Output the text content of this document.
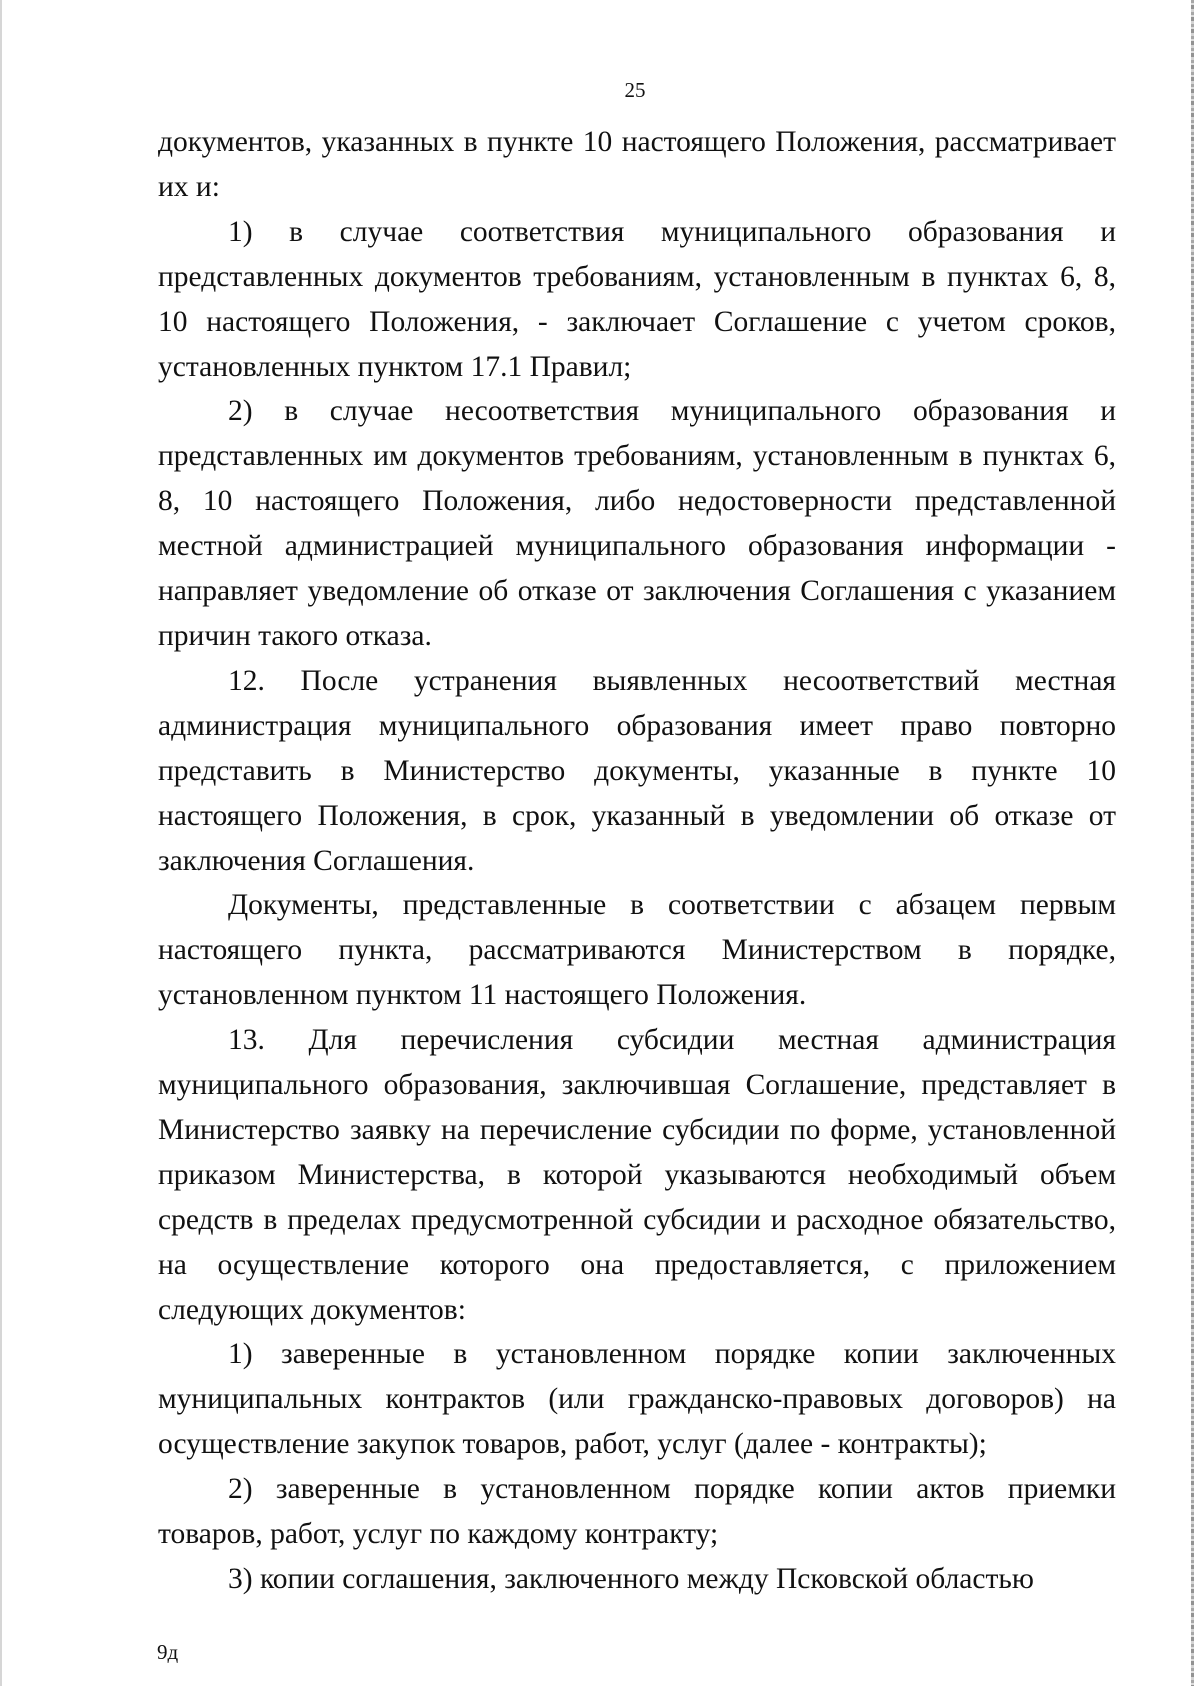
25

документов, указанных в пункте 10 настоящего Положения, рассматривает их и:

1) в случае соответствия муниципального образования и представленных документов требованиям, установленным в пунктах 6, 8, 10 настоящего Положения, - заключает Соглашение с учетом сроков, установленных пунктом 17.1 Правил;

2) в случае несоответствия муниципального образования и представленных им документов требованиям, установленным в пунктах 6, 8, 10 настоящего Положения, либо недостоверности представленной местной администрацией муниципального образования информации - направляет уведомление об отказе от заключения Соглашения с указанием причин такого отказа.

12. После устранения выявленных несоответствий местная администрация муниципального образования имеет право повторно представить в Министерство документы, указанные в пункте 10 настоящего Положения, в срок, указанный в уведомлении об отказе от заключения Соглашения.

Документы, представленные в соответствии с абзацем первым настоящего пункта, рассматриваются Министерством в порядке, установленном пунктом 11 настоящего Положения.

13. Для перечисления субсидии местная администрация муниципального образования, заключившая Соглашение, представляет в Министерство заявку на перечисление субсидии по форме, установленной приказом Министерства, в которой указываются необходимый объем средств в пределах предусмотренной субсидии и расходное обязательство, на осуществление которого она предоставляется, с приложением следующих документов:

1) заверенные в установленном порядке копии заключенных муниципальных контрактов (или гражданско-правовых договоров) на осуществление закупок товаров, работ, услуг (далее - контракты);

2) заверенные в установленном порядке копии актов приемки товаров, работ, услуг по каждому контракту;

3) копии соглашения, заключенного между Псковской областью

9д
